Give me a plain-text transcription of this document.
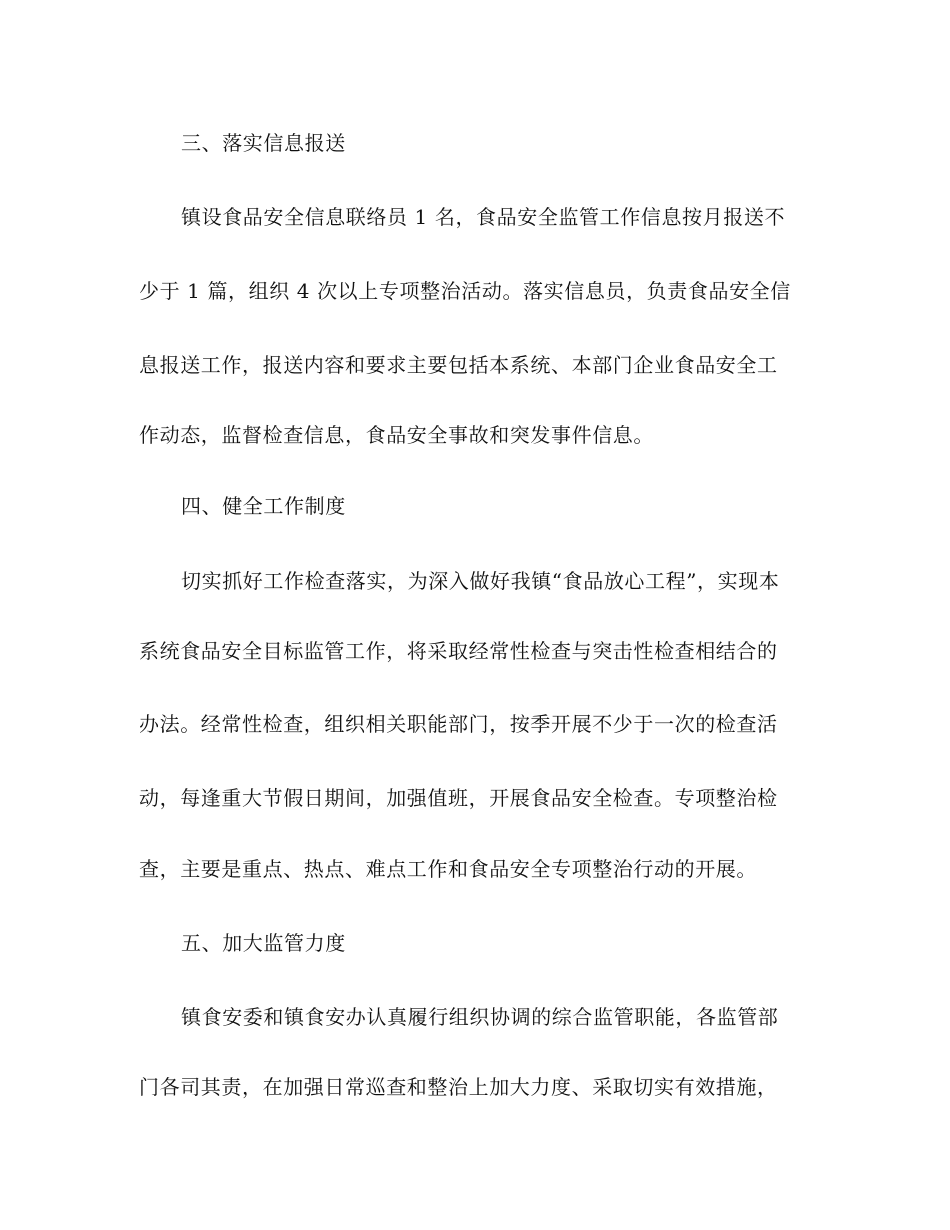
三、落实信息报送
镇设食品安全信息联络员 1 名，食品安全监管工作信息按月报送不
少于 1 篇，组织 4 次以上专项整治活动。落实信息员，负责食品安全信
息报送工作，报送内容和要求主要包括本系统、本部门企业食品安全工
作动态，监督检查信息，食品安全事故和突发事件信息。
四、健全工作制度
切实抓好工作检查落实，为深入做好我镇“食品放心工程”，实现本
系统食品安全目标监管工作，将采取经常性检查与突击性检查相结合的
办法。经常性检查，组织相关职能部门，按季开展不少于一次的检查活
动，每逢重大节假日期间，加强值班，开展食品安全检查。专项整治检
查，主要是重点、热点、难点工作和食品安全专项整治行动的开展。
五、加大监管力度
镇食安委和镇食安办认真履行组织协调的综合监管职能，各监管部
门各司其责，在加强日常巡查和整治上加大力度、采取切实有效措施，
